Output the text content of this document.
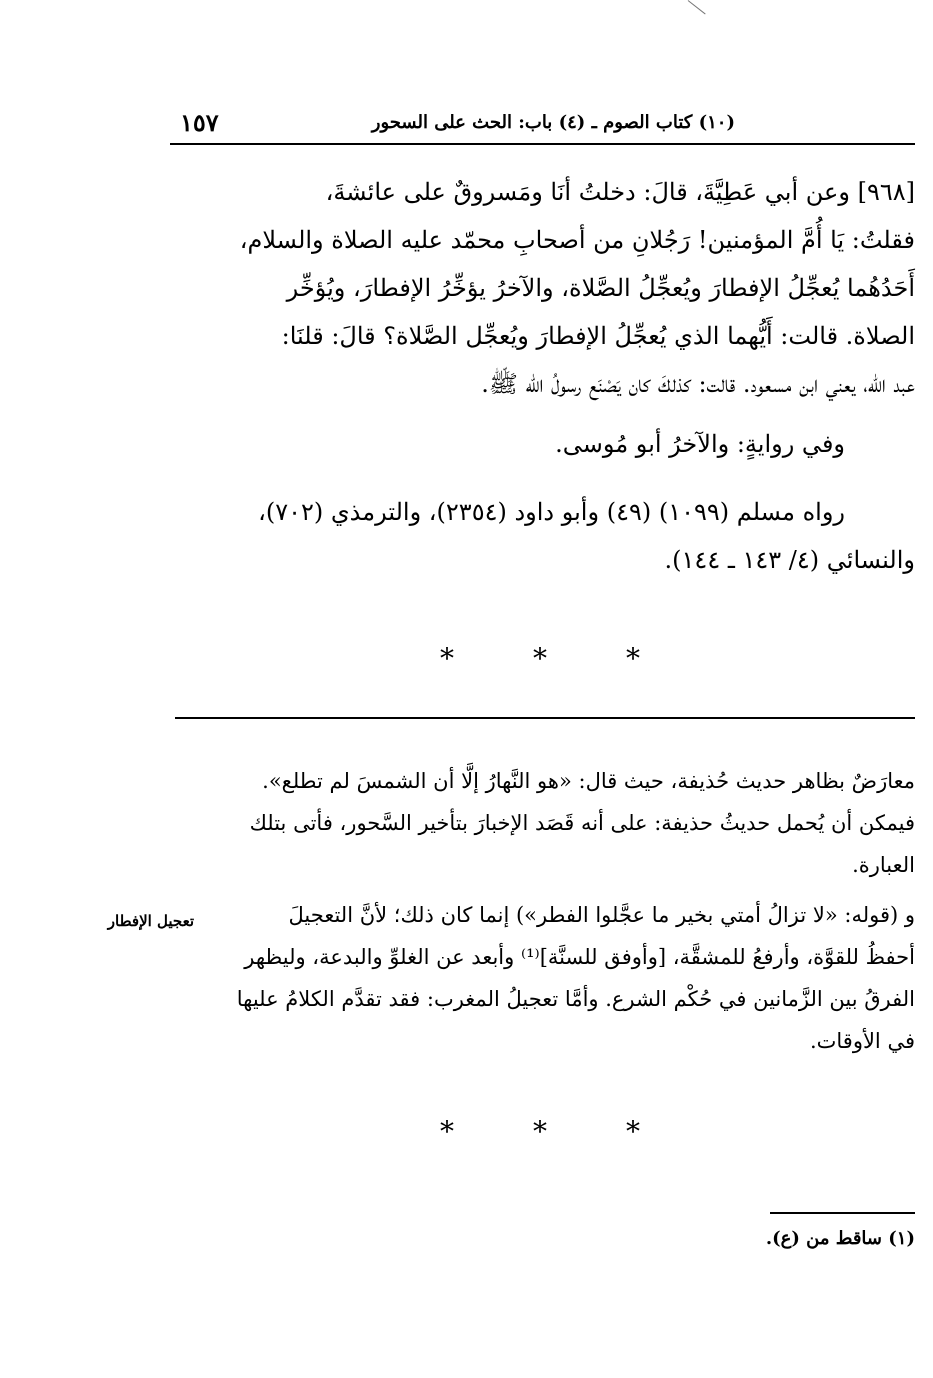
١٥٧	(١٠) كتاب الصوم ـ (٤) باب: الحث على السحور

[٩٦٨] وعن أبي عَطِيَّةَ، قالَ: دخلتُ أنَا ومَسروقٌ على عائشةَ،

فقلتُ: يَا أُمَّ المؤمنين! رَجُلانِ من أصحابِ محمّد عليه الصلاة والسلام،

أَحَدُهُما يُعجِّلُ الإفطارَ ويُعجِّلُ الصَّلاة، والآخرُ يؤخِّرُ الإفطارَ، ويُؤخِّر

الصلاة. قالت: أَيُّهما الذي يُعجِّلُ الإفطارَ ويُعجِّل الصَّلاة؟ قالَ: قلنَا:

عبد الله، يعني ابن مسعود. قالت: كذلكَ كان يَصْنَع رسولُ الله ﷺ.

وفي روايةٍ: والآخرُ أبو مُوسى.

رواه مسلم (١٠٩٩) (٤٩) وأبو داود (٢٣٥٤)، والترمذي (٧٠٢)،

والنسائي (٤/ ١٤٣ ـ ١٤٤).

*	*	*

معارَضٌ بظاهر حديث حُذيفة، حيث قال: «هو النَّهارُ إلَّا أن الشمسَ لم تطلع».

فيمكن أن يُحمل حديثُ حذيفة: على أنه قَصَد الإخبارَ بتأخير السَّحور، فأتى بتلك

العبارة.

و (قوله: «لا تزالُ أمتي بخير ما عجَّلوا الفطر») إنما كان ذلك؛ لأنَّ التعجيلَ

أحفظُ للقوَّة، وأرفعُ للمشقَّة، [وأوفق للسنَّة]⁽¹⁾ وأبعد عن الغلوِّ والبدعة، وليظهر

الفرقُ بين الزَّمانين في حُكْم الشرع. وأمَّا تعجيلُ المغرب: فقد تقدَّم الكلامُ عليها

في الأوقات.

تعجيل الإفطار
*	*	*
(١) ساقط من (ع).
